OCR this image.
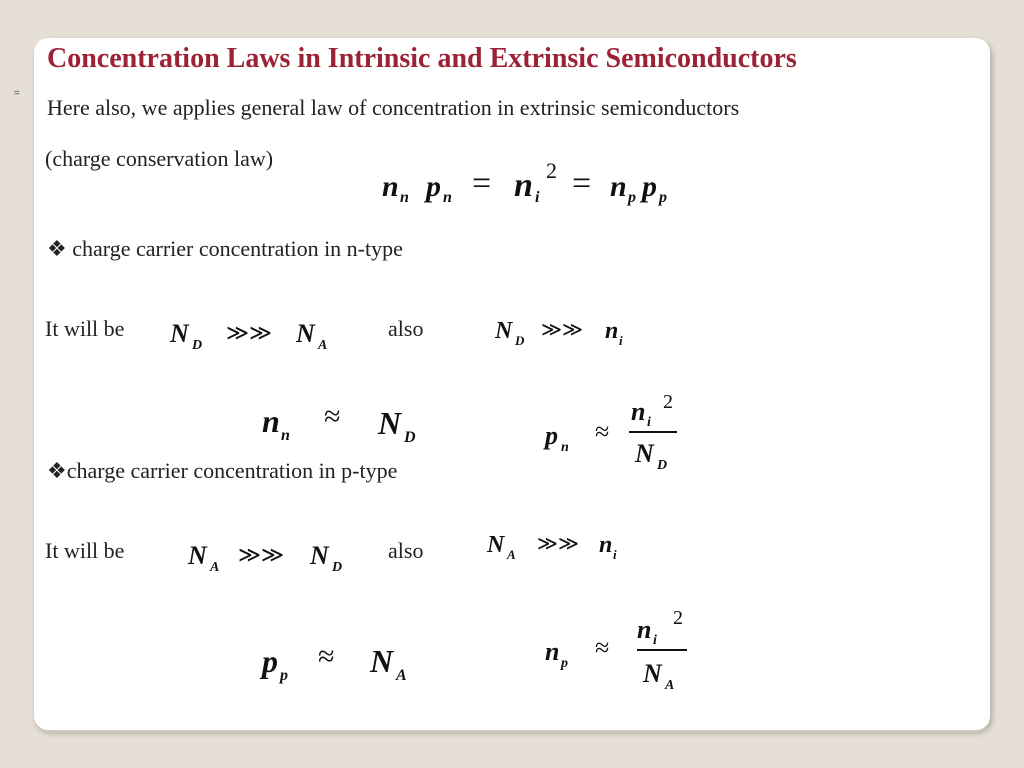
=
Concentration Laws in Intrinsic and Extrinsic Semiconductors
Here also, we applies general law of concentration in extrinsic semiconductors
(charge conservation law)
n n p n = n i
2 = n p p p
❖ charge carrier concentration in n-type
It will be N D
≫≫ N A
also	N D ≫≫ n i
n n
≈ N D	p n
≈
n i
2
N D
❖charge carrier concentration in p-type
It will be N A
≫≫ N D
also	N A ≫≫ n i
p p
≈ N A
n p
≈
n i
2
N A
